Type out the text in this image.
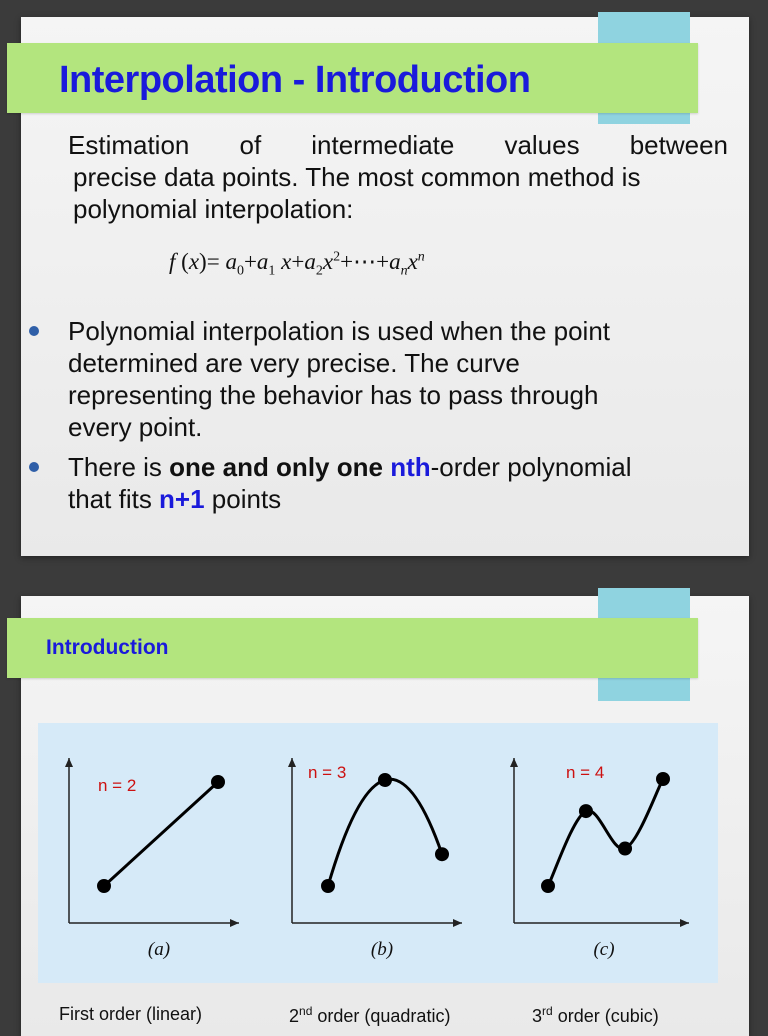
Interpolation - Introduction
Estimation of intermediate values between
precise data points. The most common method is
polynomial interpolation:
f $(x)= a_0+a_1$ $x+a_2x^2+\cdots+a_nx^n$
Polynomial interpolation is used when the point
determined are very precise. The curve
representing the behavior has to pass through
every point.
There is one and only one nth-order polynomial
that fits n+1 points
Introduction
n = 2
(a)
n = 3
(b)
n = 4
(c)
First order (linear)	2nd order (quadratic)	3rd order (cubic)
